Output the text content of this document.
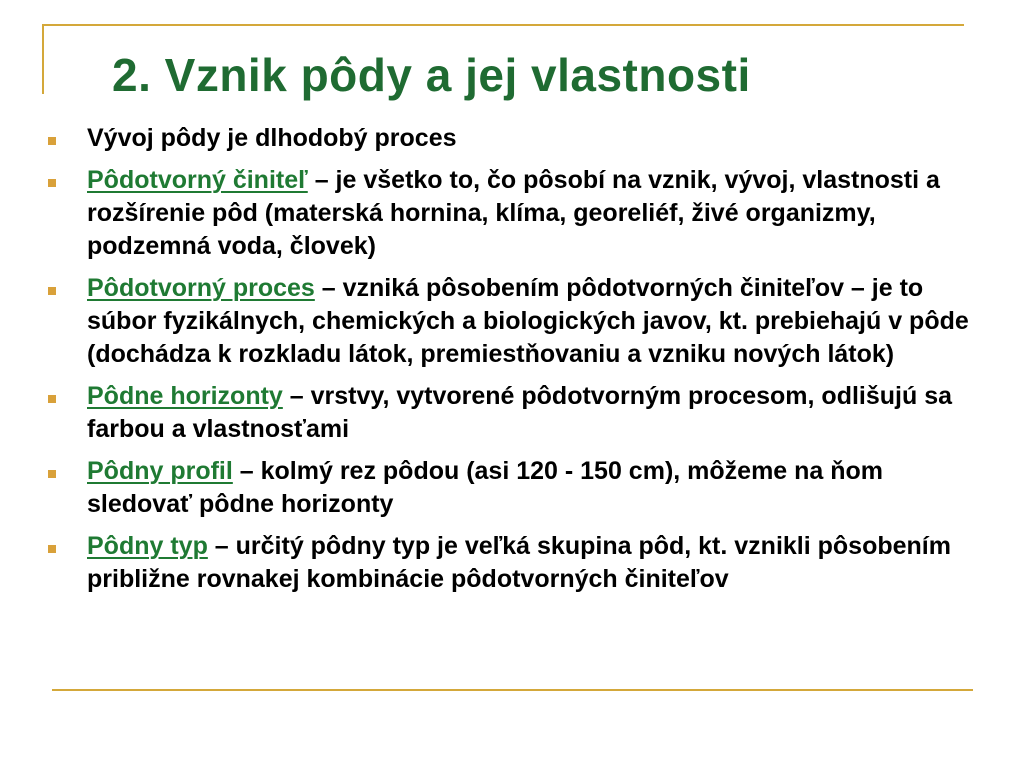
2. Vznik pôdy a jej vlastnosti
Vývoj pôdy je dlhodobý proces
Pôdotvorný činiteľ – je všetko to, čo pôsobí na vznik, vývoj, vlastnosti a rozšírenie pôd (materská hornina, klíma, georeliéf, živé organizmy, podzemná voda, človek)
Pôdotvorný proces – vzniká pôsobením pôdotvorných činiteľov – je to súbor fyzikálnych, chemických a biologických javov, kt. prebiehajú v pôde (dochádza k rozkladu látok, premiestňovaniu a vzniku nových látok)
Pôdne horizonty – vrstvy, vytvorené pôdotvorným procesom, odlišujú sa farbou a vlastnosťami
Pôdny profil – kolmý rez pôdou (asi 120 - 150 cm), môžeme na ňom sledovať pôdne horizonty
Pôdny typ – určitý pôdny typ je veľká skupina pôd, kt. vznikli pôsobením približne rovnakej kombinácie pôdotvorných činiteľov
